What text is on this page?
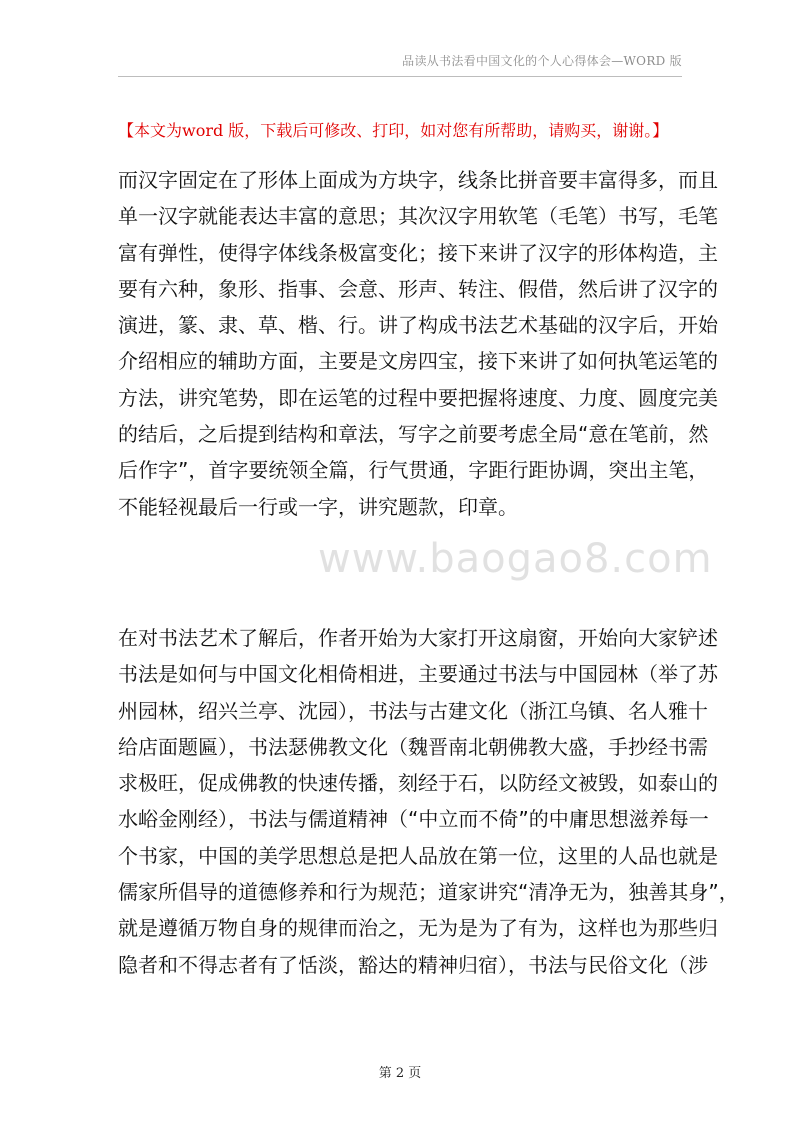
品读从书法看中国文化的个人心得体会—WORD 版
【本文为word 版，下载后可修改、打印，如对您有所帮助，请购买，谢谢。】
而汉字固定在了形体上面成为方块字，线条比拼音要丰富得多，而且
单一汉字就能表达丰富的意思；其次汉字用软笔（毛笔）书写，毛笔
富有弹性，使得字体线条极富变化；接下来讲了汉字的形体构造，主
要有六种，象形、指事、会意、形声、转注、假借，然后讲了汉字的
演进，篆、隶、草、楷、行。讲了构成书法艺术基础的汉字后，开始
介绍相应的辅助方面，主要是文房四宝，接下来讲了如何执笔运笔的
方法，讲究笔势，即在运笔的过程中要把握将速度、力度、圆度完美
的结后，之后提到结构和章法，写字之前要考虑全局“意在笔前，然
后作字”，首字要统领全篇，行气贯通，字距行距协调，突出主笔，
不能轻视最后一行或一字，讲究题款，印章。
www.baogao8.com
在对书法艺术了解后，作者开始为大家打开这扇窗，开始向大家铲述
书法是如何与中国文化相倚相进，主要通过书法与中国园林（举了苏
州园林，绍兴兰亭、沈园），书法与古建文化（浙江乌镇、名人雅十
给店面题匾），书法瑟佛教文化（魏晋南北朝佛教大盛，手抄经书需
求极旺，促成佛教的快速传播，刻经于石，以防经文被毁，如泰山的
水峪金刚经），书法与儒道精神（“中立而不倚”的中庸思想滋养每一
个书家，中国的美学思想总是把人品放在第一位，这里的人品也就是
儒家所倡导的道德修养和行为规范；道家讲究“清净无为，独善其身”，
就是遵循万物自身的规律而治之，无为是为了有为，这样也为那些归
隐者和不得志者有了恬淡，豁达的精神归宿），书法与民俗文化（涉
第 2 页
